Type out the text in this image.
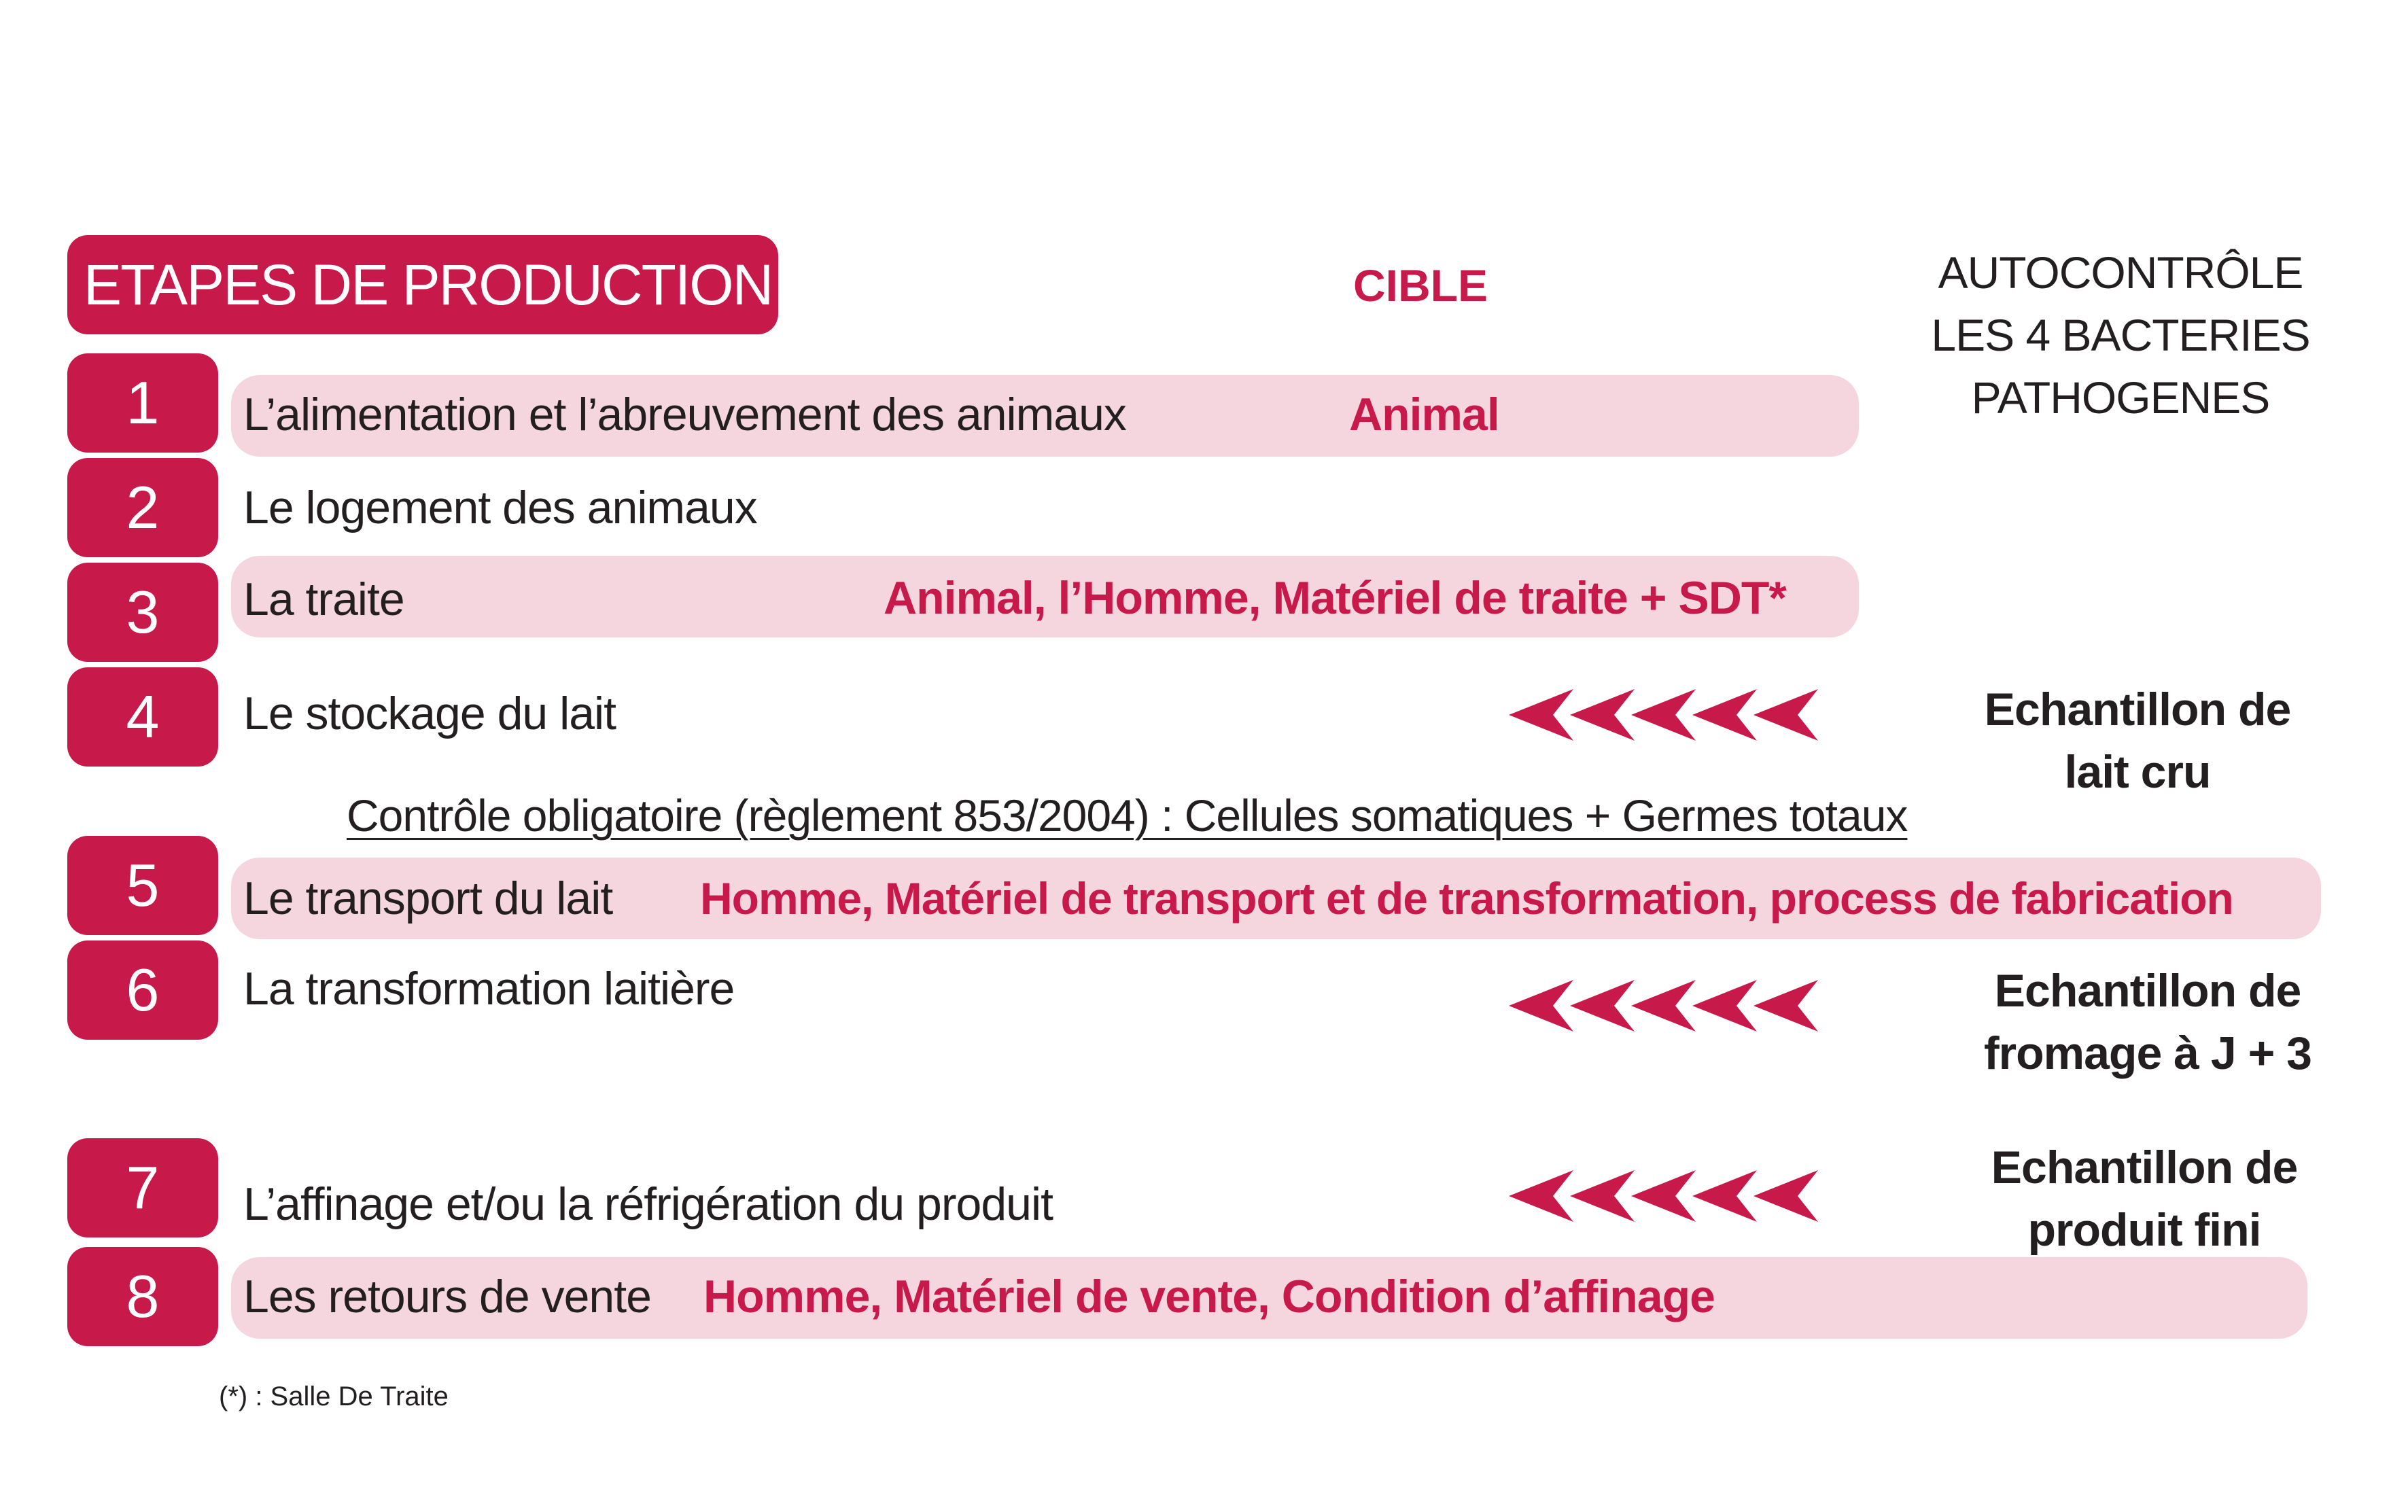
ETAPES DE PRODUCTION	CIBLE	AUTOCONTRÔLE
LES 4 BACTERIES
PATHOGENES
1
2
3
4
5
6
7
8
L’alimentation et l’abreuvement des animaux
Le logement des animaux
La traite
Le stockage du lait
Le transport du lait
La transformation laitière
L’affinage et/ou la réfrigération du produit
Les retours de vente
Animal
Animal, l’Homme, Matériel de traite + SDT*
Homme, Matériel de transport et de transformation, process de fabrication
Homme, Matériel de vente, Condition d’affinage
Contrôle obligatoire (règlement 853/2004) : Cellules somatiques + Germes totaux
Echantillon de
lait cru
Echantillon de
fromage à J + 3
Echantillon de
produit fini
(*) : Salle De Traite
